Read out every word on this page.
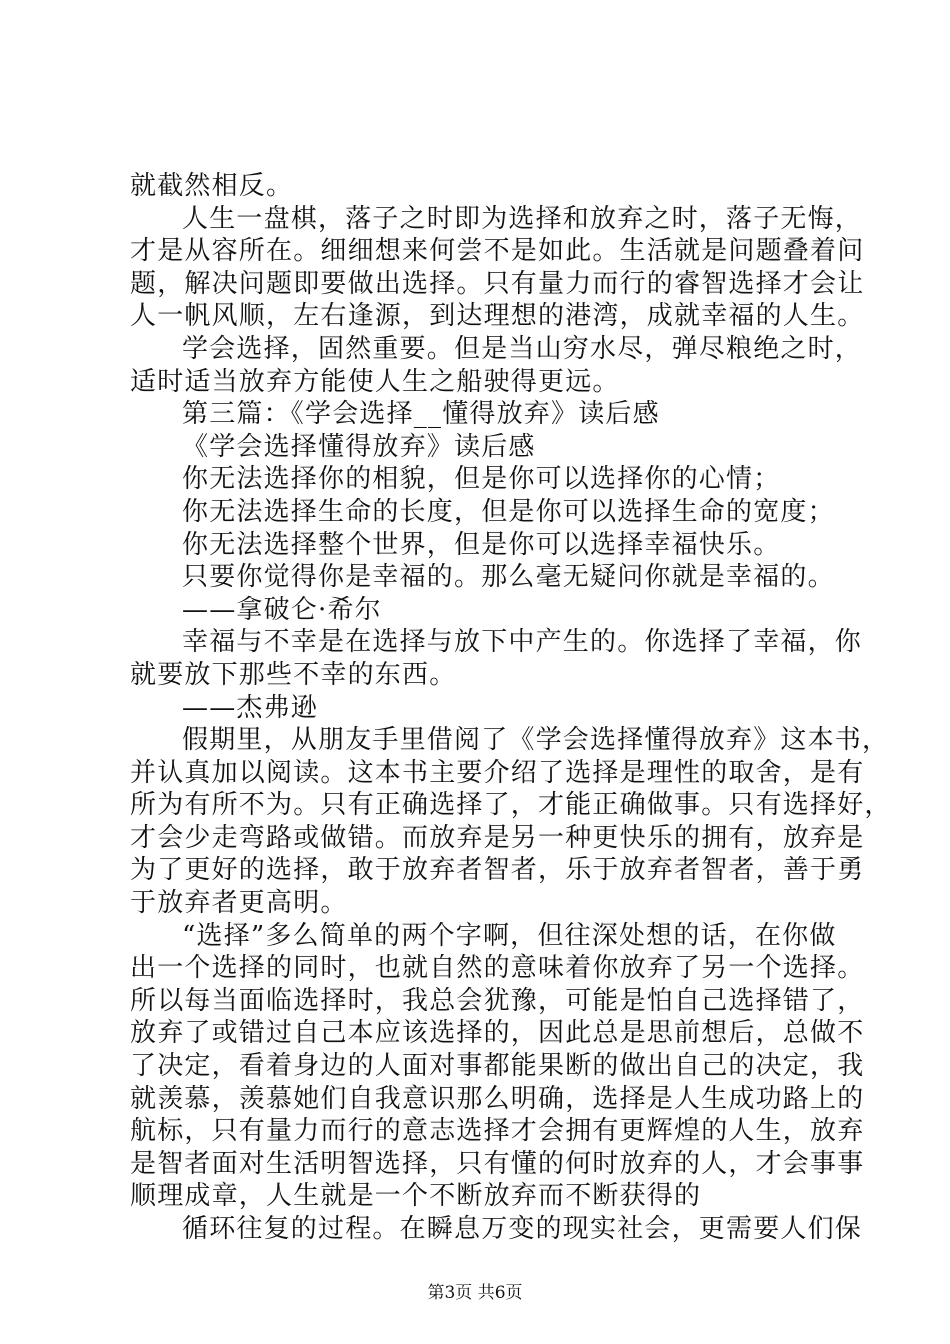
就截然相反。
人生一盘棋，落子之时即为选择和放弃之时，落子无悔，
才是从容所在。细细想来何尝不是如此。生活就是问题叠着问
题，解决问题即要做出选择。只有量力而行的睿智选择才会让
人一帆风顺，左右逢源，到达理想的港湾，成就幸福的人生。
学会选择，固然重要。但是当山穷水尽，弹尽粮绝之时，
适时适当放弃方能使人生之船驶得更远。
第三篇：《学会选择__懂得放弃》读后感
《学会选择懂得放弃》读后感
你无法选择你的相貌，但是你可以选择你的心情；
你无法选择生命的长度，但是你可以选择生命的宽度；
你无法选择整个世界，但是你可以选择幸福快乐。
只要你觉得你是幸福的。那么毫无疑问你就是幸福的。
——拿破仑·希尔
幸福与不幸是在选择与放下中产生的。你选择了幸福，你
就要放下那些不幸的东西。
——杰弗逊
假期里，从朋友手里借阅了《学会选择懂得放弃》这本书，
并认真加以阅读。这本书主要介绍了选择是理性的取舍，是有
所为有所不为。只有正确选择了，才能正确做事。只有选择好，
才会少走弯路或做错。而放弃是另一种更快乐的拥有，放弃是
为了更好的选择，敢于放弃者智者，乐于放弃者智者，善于勇
于放弃者更高明。
“选择”多么简单的两个字啊，但往深处想的话，在你做
出一个选择的同时，也就自然的意味着你放弃了另一个选择。
所以每当面临选择时，我总会犹豫，可能是怕自己选择错了，
放弃了或错过自己本应该选择的，因此总是思前想后，总做不
了决定，看着身边的人面对事都能果断的做出自己的决定，我
就羡慕，羡慕她们自我意识那么明确，选择是人生成功路上的
航标，只有量力而行的意志选择才会拥有更辉煌的人生，放弃
是智者面对生活明智选择，只有懂的何时放弃的人，才会事事
顺理成章，人生就是一个不断放弃而不断获得的
循环往复的过程。在瞬息万变的现实社会，更需要人们保
第3页 共6页
